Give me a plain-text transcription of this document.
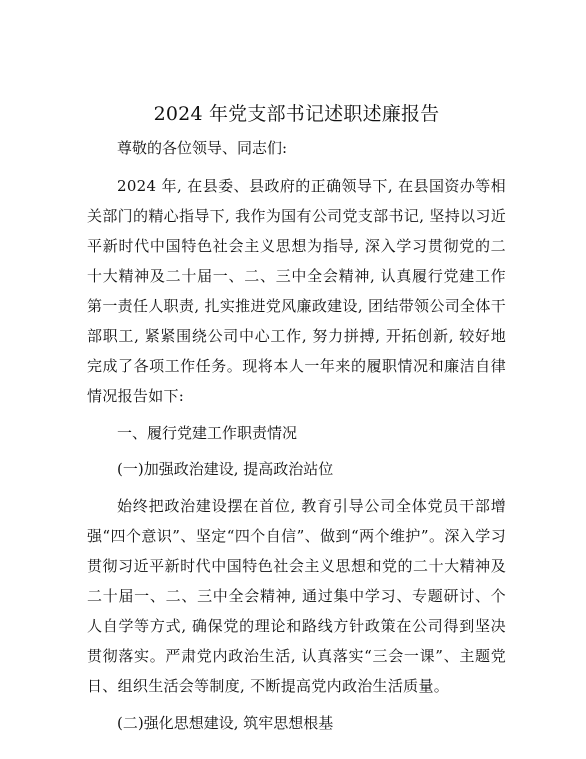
2024 年党支部书记述职述廉报告
尊敬的各位领导、同志们:
2024 年, 在县委、县政府的正确领导下, 在县国资办等相关部门的精心指导下, 我作为国有公司党支部书记, 坚持以习近平新时代中国特色社会主义思想为指导, 深入学习贯彻党的二十大精神及二十届一、二、三中全会精神, 认真履行党建工作第一责任人职责, 扎实推进党风廉政建设, 团结带领公司全体干部职工, 紧紧围绕公司中心工作, 努力拼搏, 开拓创新, 较好地完成了各项工作任务。现将本人一年来的履职情况和廉洁自律情况报告如下:
一、履行党建工作职责情况
(一)加强政治建设, 提高政治站位
始终把政治建设摆在首位, 教育引导公司全体党员干部增强“四个意识”、坚定“四个自信”、做到“两个维护”。深入学习贯彻习近平新时代中国特色社会主义思想和党的二十大精神及二十届一、二、三中全会精神, 通过集中学习、专题研讨、个人自学等方式, 确保党的理论和路线方针政策在公司得到坚决贯彻落实。严肃党内政治生活, 认真落实“三会一课”、主题党日、组织生活会等制度, 不断提高党内政治生活质量。
(二)强化思想建设, 筑牢思想根基
